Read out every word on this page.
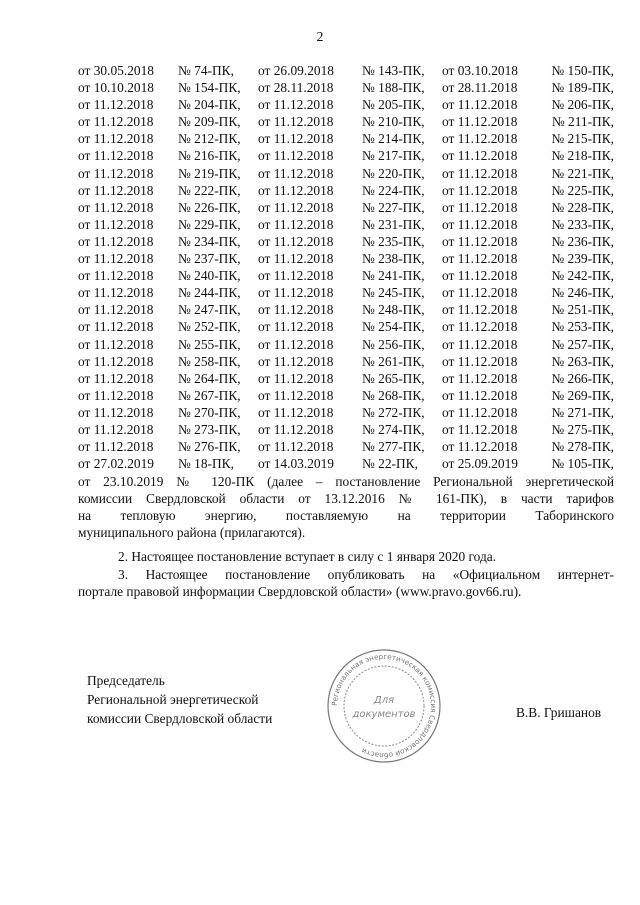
2
от 30.05.2018	№ 74-ПК,	от 26.09.2018	№ 143-ПК,	от 03.10.2018	№ 150-ПК,
от 10.10.2018	№ 154-ПК,	от 28.11.2018	№ 188-ПК,	от 28.11.2018	№ 189-ПК,
от 11.12.2018	№ 204-ПК,	от 11.12.2018	№ 205-ПК,	от 11.12.2018	№ 206-ПК,
от 11.12.2018	№ 209-ПК,	от 11.12.2018	№ 210-ПК,	от 11.12.2018	№ 211-ПК,
от 11.12.2018	№ 212-ПК,	от 11.12.2018	№ 214-ПК,	от 11.12.2018	№ 215-ПК,
от 11.12.2018	№ 216-ПК,	от 11.12.2018	№ 217-ПК,	от 11.12.2018	№ 218-ПК,
от 11.12.2018	№ 219-ПК,	от 11.12.2018	№ 220-ПК,	от 11.12.2018	№ 221-ПК,
от 11.12.2018	№ 222-ПК,	от 11.12.2018	№ 224-ПК,	от 11.12.2018	№ 225-ПК,
от 11.12.2018	№ 226-ПК,	от 11.12.2018	№ 227-ПК,	от 11.12.2018	№ 228-ПК,
от 11.12.2018	№ 229-ПК,	от 11.12.2018	№ 231-ПК,	от 11.12.2018	№ 233-ПК,
от 11.12.2018	№ 234-ПК,	от 11.12.2018	№ 235-ПК,	от 11.12.2018	№ 236-ПК,
от 11.12.2018	№ 237-ПК,	от 11.12.2018	№ 238-ПК,	от 11.12.2018	№ 239-ПК,
от 11.12.2018	№ 240-ПК,	от 11.12.2018	№ 241-ПК,	от 11.12.2018	№ 242-ПК,
от 11.12.2018	№ 244-ПК,	от 11.12.2018	№ 245-ПК,	от 11.12.2018	№ 246-ПК,
от 11.12.2018	№ 247-ПК,	от 11.12.2018	№ 248-ПК,	от 11.12.2018	№ 251-ПК,
от 11.12.2018	№ 252-ПК,	от 11.12.2018	№ 254-ПК,	от 11.12.2018	№ 253-ПК,
от 11.12.2018	№ 255-ПК,	от 11.12.2018	№ 256-ПК,	от 11.12.2018	№ 257-ПК,
от 11.12.2018	№ 258-ПК,	от 11.12.2018	№ 261-ПК,	от 11.12.2018	№ 263-ПК,
от 11.12.2018	№ 264-ПК,	от 11.12.2018	№ 265-ПК,	от 11.12.2018	№ 266-ПК,
от 11.12.2018	№ 267-ПК,	от 11.12.2018	№ 268-ПК,	от 11.12.2018	№ 269-ПК,
от 11.12.2018	№ 270-ПК,	от 11.12.2018	№ 272-ПК,	от 11.12.2018	№ 271-ПК,
от 11.12.2018	№ 273-ПК,	от 11.12.2018	№ 274-ПК,	от 11.12.2018	№ 275-ПК,
от 11.12.2018	№ 276-ПК,	от 11.12.2018	№ 277-ПК,	от 11.12.2018	№ 278-ПК,
от 27.02.2019	№ 18-ПК,	от 14.03.2019	№ 22-ПК,	от 25.09.2019	№ 105-ПК,
от 23.10.2019 № 120-ПК (далее – постановление Региональной энергетической
комиссии Свердловской области от 13.12.2016 № 161-ПК), в части тарифов
на тепловую энергию, поставляемую на территории Таборинского
муниципального района (прилагаются).
2. Настоящее постановление вступает в силу с 1 января 2020 года.
3. Настоящее постановление опубликовать на «Официальном интернет-
портале правовой информации Свердловской области» (www.pravo.gov66.ru).
Председатель
Региональной энергетической
комиссии Свердловской области
Региональная энергетическая комиссия Свердловской области
Для
документов	В.В. Гришанов
